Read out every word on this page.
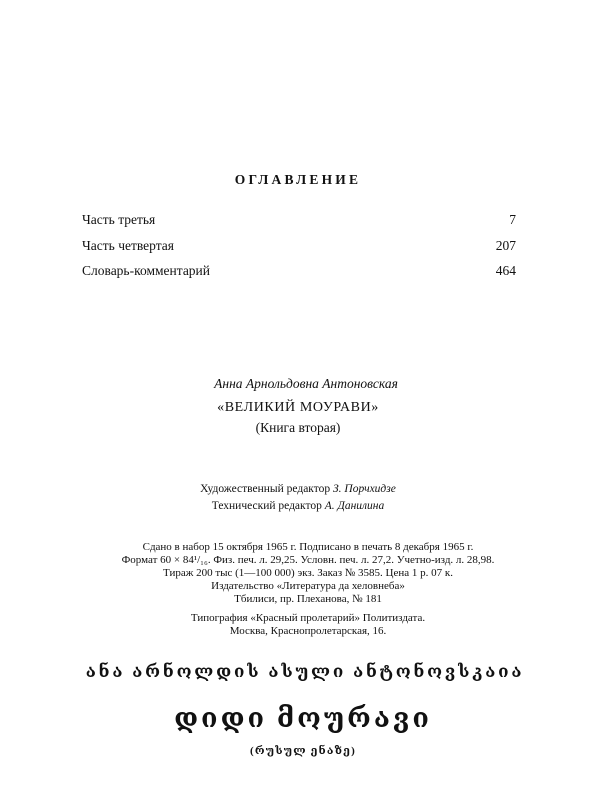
ОГЛАВЛЕНИЕ
Часть третья	7
Часть четвертая	207
Словарь-комментарий	464
Анна Арнольдовна Антоновская
«ВЕЛИКИЙ МОУРАВИ»
(Книга вторая)
Художественный редактор З. Порчхидзе
Технический редактор А. Данилина
Сдано в набор 15 октября 1965 г. Подписано в печать 8 декабря 1965 г.
Формат 60 × 84¹/₁₆. Физ. печ. л. 29,25. Условн. печ. л. 27,2. Учетно-изд. л. 28,98.
Тираж 200 тыс (1—100 000) экз. Заказ № 3585. Цена 1 р. 07 к.
Издательство «Литература да хеловнеба»
Тбилиси, пр. Плеханова, № 181
Типография «Красный пролетарий» Политиздата.
Москва, Краснопролетарская, 16.
ანა არნოლდის ასული ანტონოვსკაია
დიდი მოურავი
(რუსულ ენაზე)
